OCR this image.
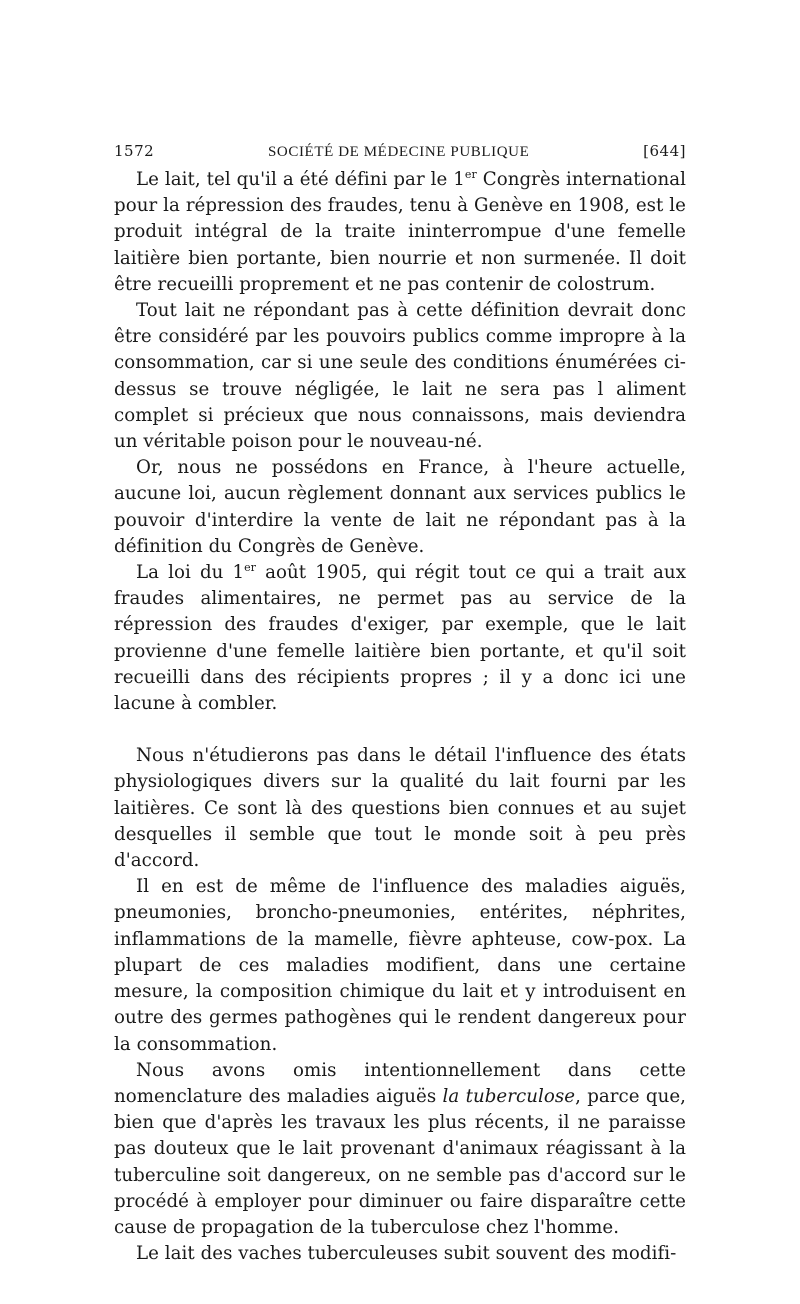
1572	SOCIÉTÉ DE MÉDECINE PUBLIQUE	[644]

Le lait, tel qu'il a été défini par le 1er Congrès international pour la répression des fraudes, tenu à Genève en 1908, est le produit intégral de la traite ininterrompue d'une femelle laitière bien portante, bien nourrie et non surmenée. Il doit être recueilli proprement et ne pas contenir de colostrum.

Tout lait ne répondant pas à cette définition devrait donc être considéré par les pouvoirs publics comme impropre à la consommation, car si une seule des conditions énumérées ci-dessus se trouve négligée, le lait ne sera pas l aliment complet si précieux que nous connaissons, mais deviendra un véritable poison pour le nouveau-né.

Or, nous ne possédons en France, à l'heure actuelle, aucune loi, aucun règlement donnant aux services publics le pouvoir d'interdire la vente de lait ne répondant pas à la définition du Congrès de Genève.

La loi du 1er août 1905, qui régit tout ce qui a trait aux fraudes alimentaires, ne permet pas au service de la répression des fraudes d'exiger, par exemple, que le lait provienne d'une femelle laitière bien portante, et qu'il soit recueilli dans des récipients propres ; il y a donc ici une lacune à combler.

Nous n'étudierons pas dans le détail l'influence des états physiologiques divers sur la qualité du lait fourni par les laitières. Ce sont là des questions bien connues et au sujet desquelles il semble que tout le monde soit à peu près d'accord.

Il en est de même de l'influence des maladies aiguës, pneumonies, broncho-pneumonies, entérites, néphrites, inflammations de la mamelle, fièvre aphteuse, cow-pox. La plupart de ces maladies modifient, dans une certaine mesure, la composition chimique du lait et y introduisent en outre des germes pathogènes qui le rendent dangereux pour la consommation.

Nous avons omis intentionnellement dans cette nomenclature des maladies aiguës la tuberculose, parce que, bien que d'après les travaux les plus récents, il ne paraisse pas douteux que le lait provenant d'animaux réagissant à la tuberculine soit dangereux, on ne semble pas d'accord sur le procédé à employer pour diminuer ou faire disparaître cette cause de propagation de la tuberculose chez l'homme.

Le lait des vaches tuberculeuses subit souvent des modifi-
